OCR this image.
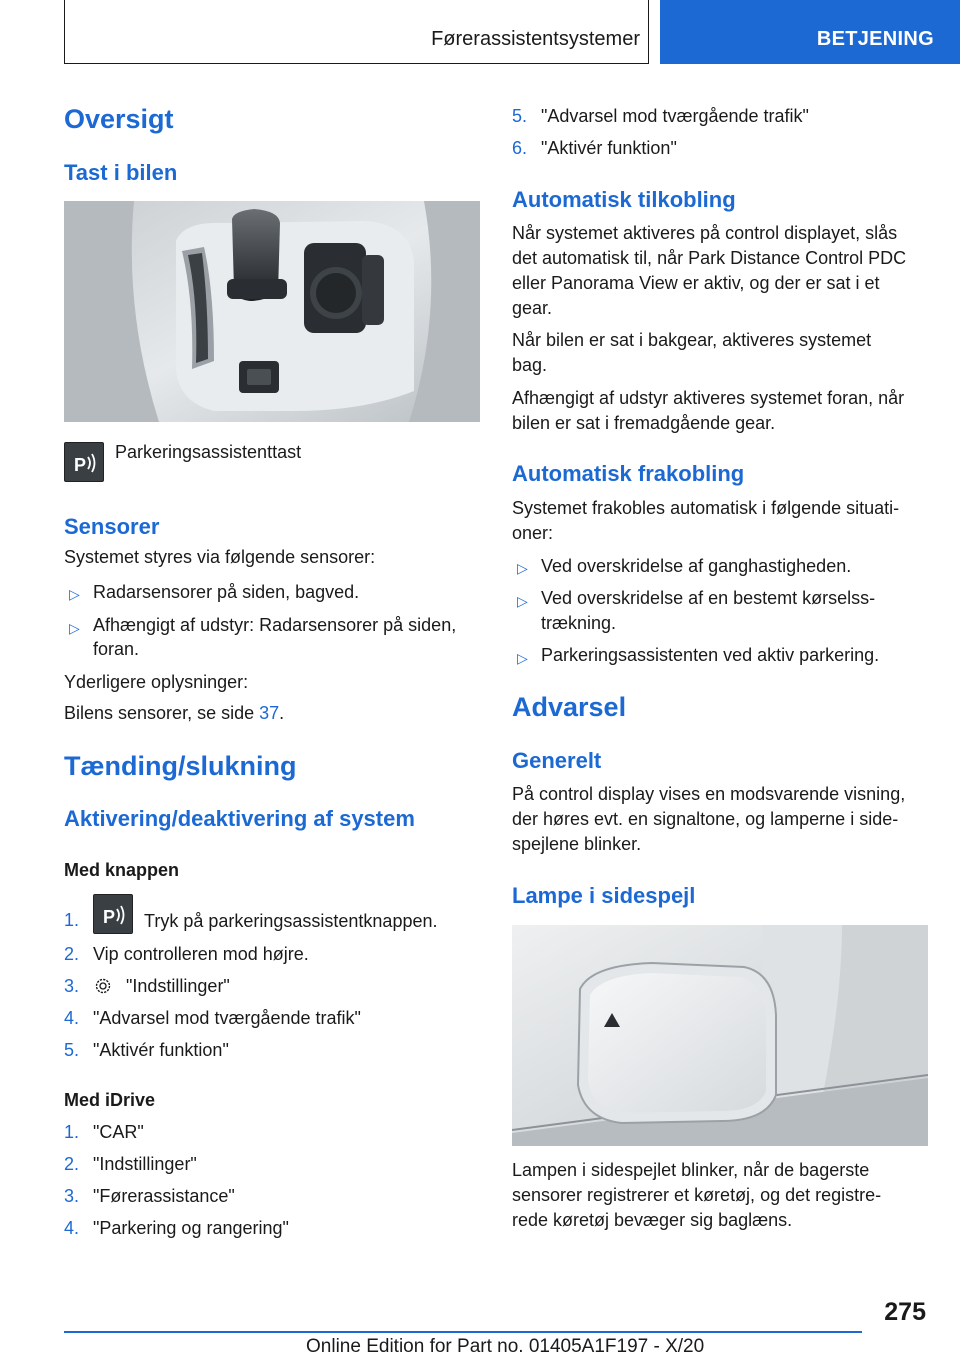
Førerassistentsystemer	BETJENING
Oversigt
Tast i bilen
P
Parkeringsassistenttast
Sensorer
Systemet styres via følgende sensorer:
▷ Radarsensorer på siden, bagved.
▷ Afhængigt af udstyr: Radarsensorer på siden,
foran.
Yderligere oplysninger:
Bilens sensorer, se side 37.
Tænding/slukning
Aktivering/deaktivering af system
Med knappen
1. P Tryk på parkeringsassistentknappen.
2. Vip controlleren mod højre.
3.	"Indstillinger"
4. "Advarsel mod tværgående trafik"
5. "Aktivér funktion"
Med iDrive
1. "CAR"
2. "Indstillinger"
3. "Førerassistance"
4. "Parkering og rangering"
5. "Advarsel mod tværgående trafik"
6. "Aktivér funktion"
Automatisk tilkobling
Når systemet aktiveres på control displayet, slås
det automatisk til, når Park Distance Control PDC
eller Panorama View er aktiv, og der er sat i et
gear.
Når bilen er sat i bakgear, aktiveres systemet
bag.
Afhængigt af udstyr aktiveres systemet foran, når
bilen er sat i fremadgående gear.
Automatisk frakobling
Systemet frakobles automatisk i følgende situati-
oner:
▷ Ved overskridelse af ganghastigheden.
▷ Ved overskridelse af en bestemt kørselss-
trækning.
▷ Parkeringsassistenten ved aktiv parkering.
Advarsel
Generelt
På control display vises en modsvarende visning,
der høres evt. en signaltone, og lamperne i side-
spejlene blinker.
Lampe i sidespejl
Lampen i sidespejlet blinker, når de bagerste
sensorer registrerer et køretøj, og det registre-
rede køretøj bevæger sig baglæns.
275
Online Edition for Part no. 01405A1F197 - X/20
